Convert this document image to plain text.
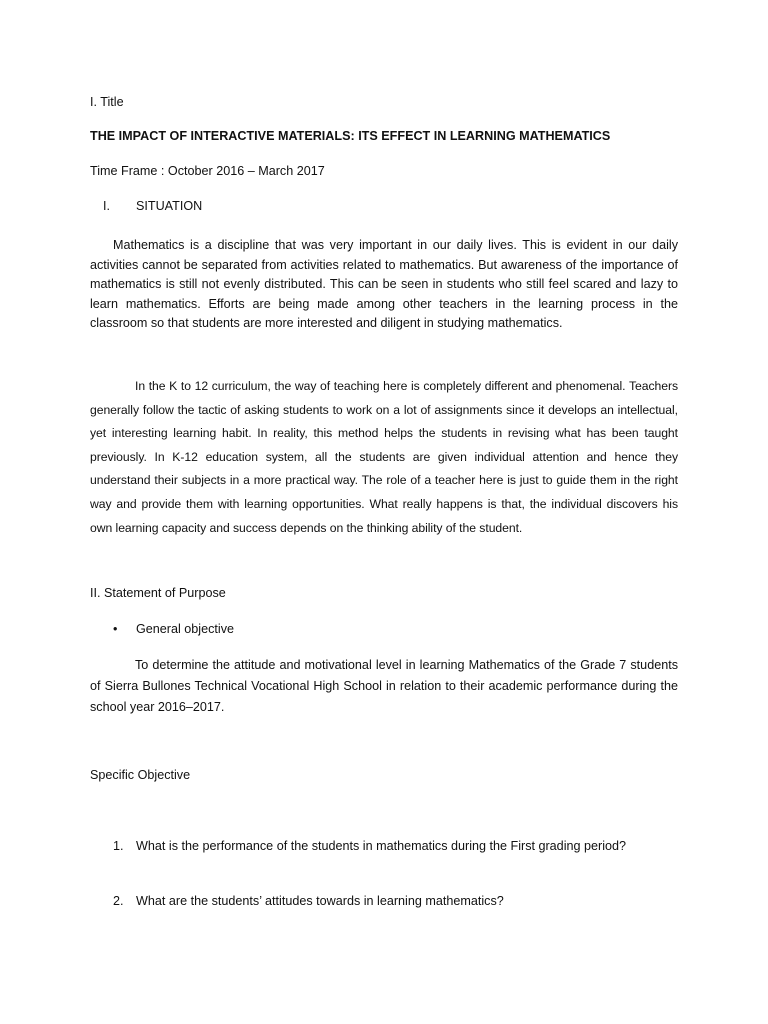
I. Title
THE IMPACT OF INTERACTIVE MATERIALS: ITS EFFECT IN LEARNING MATHEMATICS
Time Frame : October 2016 – March 2017
I. SITUATION

Mathematics is a discipline that was very important in our daily lives. This is evident in our daily activities cannot be separated from activities related to mathematics. But awareness of the importance of mathematics is still not evenly distributed. This can be seen in students who still feel scared and lazy to learn mathematics. Efforts are being made among other teachers in the learning process in the classroom so that students are more interested and diligent in studying mathematics.

In the K to 12 curriculum, the way of teaching here is completely different and phenomenal. Teachers generally follow the tactic of asking students to work on a lot of assignments since it develops an intellectual, yet interesting learning habit. In reality, this method helps the students in revising what has been taught previously. In K-12 education system, all the students are given individual attention and hence they understand their subjects in a more practical way. The role of a teacher here is just to guide them in the right way and provide them with learning opportunities. What really happens is that, the individual discovers his own learning capacity and success depends on the thinking ability of the student.

II. Statement of Purpose
• General objective

To determine the attitude and motivational level in learning Mathematics of the Grade 7 students of Sierra Bullones Technical Vocational High School in relation to their academic performance during the school year 2016–2017.

Specific Objective
1. What is the performance of the students in mathematics during the First grading period?
2. What are the students’ attitudes towards in learning mathematics?
